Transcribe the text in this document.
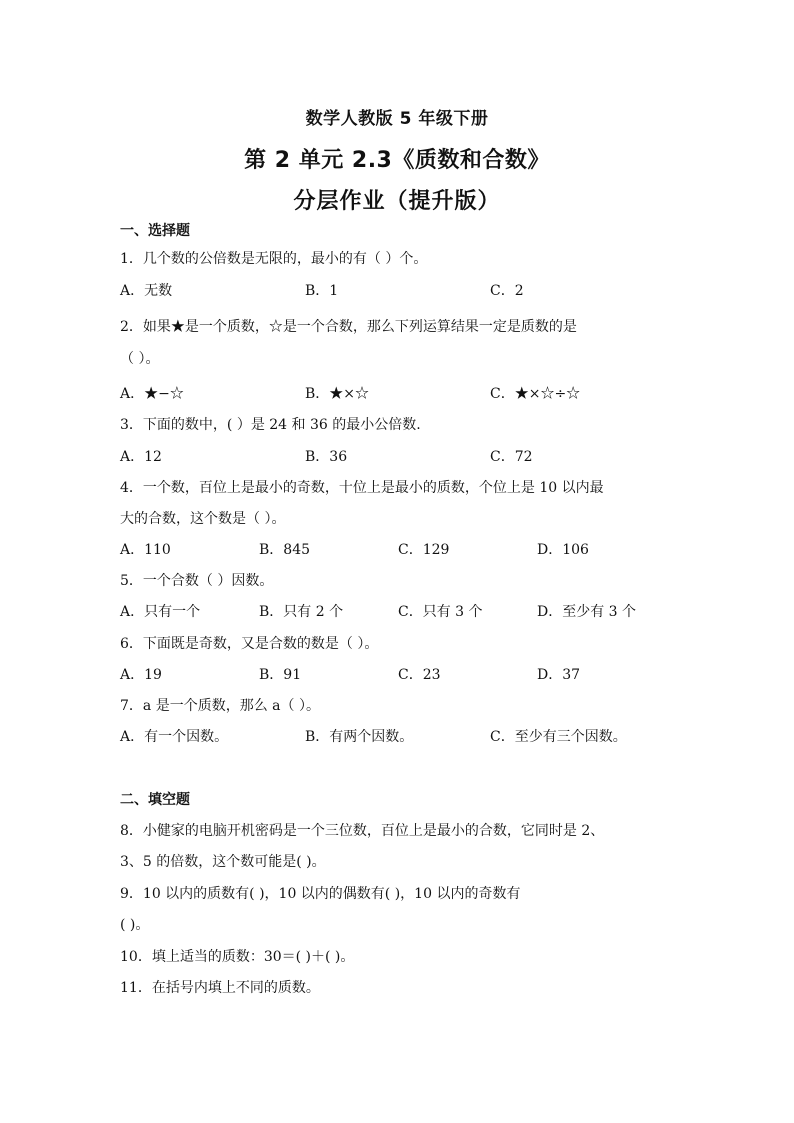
数学人教版 5 年级下册
第 2 单元 2.3《质数和合数》
分层作业（提升版）
一、选择题
1．几个数的公倍数是无限的，最小的有（ ）个。
A．无数	B．1	C．2
2．如果★是一个质数，☆是一个合数，那么下列运算结果一定是质数的是
（ ）。
A．★−☆	B．★×☆	C．★×☆÷☆
3．下面的数中，( ）是 24 和 36 的最小公倍数.
A．12	B．36	C．72
4．一个数，百位上是最小的奇数，十位上是最小的质数，个位上是 10 以内最
大的合数，这个数是（ ）。
A．110	B．845	C．129	D．106
5．一个合数（ ）因数。
A．只有一个	B．只有 2 个	C．只有 3 个	D．至少有 3 个
6．下面既是奇数，又是合数的数是（ ）。
A．19	B．91	C．23	D．37
7．a 是一个质数，那么 a（ ）。
A．有一个因数。	B．有两个因数。	C．至少有三个因数。
二、填空题
8．小健家的电脑开机密码是一个三位数，百位上是最小的合数，它同时是 2、
3、5 的倍数，这个数可能是( )。
9．10 以内的质数有( )，10 以内的偶数有( )，10 以内的奇数有
( )。
10．填上适当的质数：30＝( )＋( )。
11．在括号内填上不同的质数。
